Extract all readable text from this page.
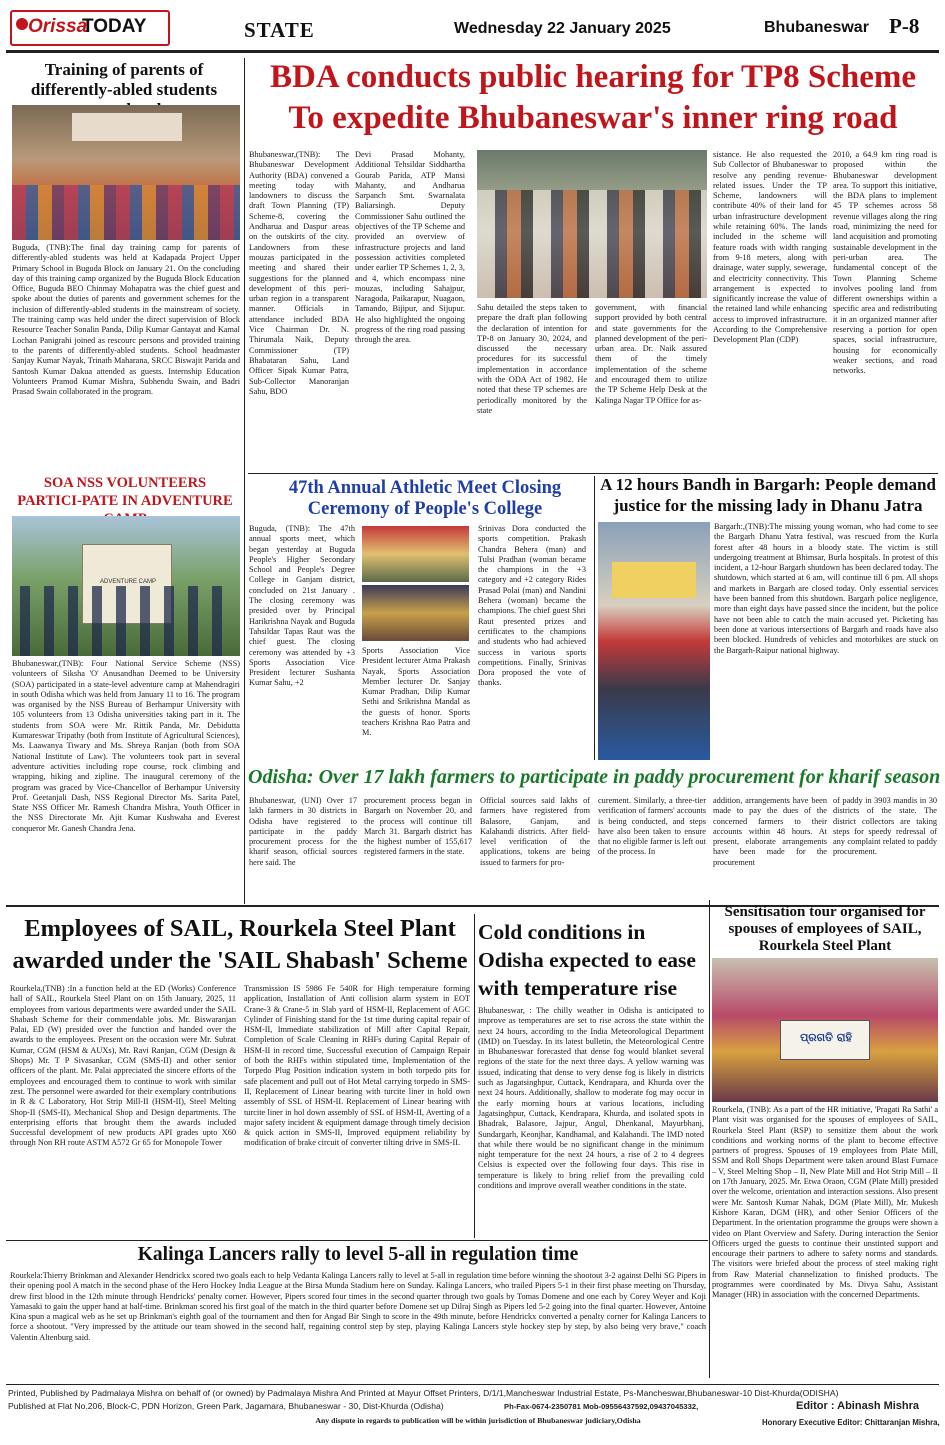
Orissa
TODAY	STATE	Wednesday 22 January 2025	Bhubaneswar P-8
Training of parents of differently-abled students
Buguda, (TNB):The final day training camp for parents of differently-abled students was held at Kadapada Project Upper Primary School in Buguda Block on January 21. On the concluding day of this training camp organized by the Buguda Block Education Office, Buguda BEO Chinmay Mohapatra was the chief guest and spoke about the duties of parents and government schemes for the inclusion of differently-abled students in the mainstream of society. The training camp was held under the direct supervision of Block Resource Teacher Sonalin Panda, Dilip Kumar Gantayat and Kamal Lochan Panigrahi joined as rescourc persons and provided training to the parents of differently-abled students. School headmaster Sanjay Kumar Nayak, Trinath Maharana, SRCC Biswajit Parida and Santosh Kumar Dakua attended as guests. Internship Education Volunteers Pramod Kumar Mishra, Subhendu Swain, and Badri Prasad Swain collaborated in the program.
SOA NSS VOLUNTEERS PARTICI-PATE IN ADVENTURE
ADVENTURE CAMP
Bhubaneswar,(TNB): Four National Service Scheme (NSS) volunteers of Siksha 'O' Anusandhan Deemed to be University (SOA) participated in a state-level adventure camp at Mahendragiri in south Odisha which was held from January 11 to 16. The program was organised by the NSS Bureau of Berhampur University with 105 volunteers from 13 Odisha universities taking part in it. The students from SOA were Mr. Rittik Panda, Mr. Debidutta Kumareswar Tripathy (both from Institute of Agricultural Sciences), Ms. Laawanya Tiwary and Ms. Shreya Ranjan (both from SOA National Institute of Law). The volunteers took part in several adventure activities including rope course, rock climbing and wrapping, hiking and zipline. The inaugural ceremony of the program was graced by Vice-Chancellor of Berhampur University Prof. Geetanjali Dash, NSS Regional Director Ms. Sarita Patel, State NSS Officer Mr. Ramesh Chandra Mishra, Youth Officer in the NSS Directorate Mr. Ajit Kumar Kushwaha and Everest conqueror Mr. Ganesh Chandra Jena.
BDA conducts public hearing for TP8 Scheme
To expedite Bhubaneswar's inner ring road
Bhubaneswar,(TNB): The Bhubaneswar Development Authority (BDA) convened a meeting today with landowners to discuss the draft Town Planning (TP) Scheme-8, covering the Andharua and Daspur areas on the outskirts of the city. Landowners from these mouzas participated in the meeting and shared their suggestions for the planned development of this peri-urban region in a transparent manner. Officials in attendance included BDA Vice Chairman Dr. N. Thirumala Naik, Deputy Commissioner (TP) Bhabataran Sahu, Land Officer Sipak Kumar Patra, Sub-Collector Manoranjan Sahu, BDO
Devi Prasad Mohanty, Additional Tehsildar Siddhartha Gourab Parida, ATP Mansi Mahanty, and Andharua Sarpanch Smt. Swarnalata Baliarsingh. Deputy Commissioner Sahu outlined the objectives of the TP Scheme and provided an overview of infrastructure projects and land possession activities completed under earlier TP Schemes 1, 2, 3, and 4, which encompass nine mouzas, including Sahajpur, Naragoda, Paikarapur, Nuagaon, Tamando, Bijipur, and Sijupur. He also highlighted the ongoing progress of the ring road passing through the area.
Sahu detailed the steps taken to prepare the draft plan following the declaration of intention for TP-8 on January 30, 2024, and discussed the necessary procedures for its successful implementation in accordance with the ODA Act of 1982. He noted that these TP schemes are periodically monitored by the state
government, with financial support provided by both central and state governments for the planned development of the peri-urban area. Dr. Naik assured them of the timely implementation of the scheme and encouraged them to utilize the TP Scheme Help Desk at the Kalinga Nagar TP Office for as-
sistance. He also requested the Sub Collector of Bhubaneswar to resolve any pending revenue-related issues. Under the TP Scheme, landowners will contribute 40% of their land for urban infrastructure development while retaining 60%. The lands included in the scheme will feature roads with width ranging from 9-18 meters, along with drainage, water supply, sewerage, and electricity connectivity. This arrangement is expected to significantly increase the value of the retained land while enhancing access to improved infrastructure. According to the Comprehensive Development Plan (CDP)
2010, a 64.9 km ring road is proposed within the Bhubaneswar development area. To support this initiative, the BDA plans to implement 45 TP schemes across 58 revenue villages along the ring road, minimizing the need for land acquisition and promoting sustainable development in the peri-urban area. The fundamental concept of the Town Planning Scheme involves pooling land from different ownerships within a specific area and redistributing it in an organized manner after reserving a portion for open spaces, social infrastructure, housing for economically weaker sections, and road networks.
47th Annual Athletic Meet Closing Ceremony of People's College
Buguda, (TNB): The 47th annual sports meet, which began yesterday at Buguda People's Higher Secondary School and People's Degree College in Ganjam district, concluded on 21st January . The closing ceremony was presided over by Principal Harikrishna Nayak and Buguda Tahsildar Tapas Raut was the chief guest. The closing ceremony was attended by +3 Sports Association Vice President lecturer Sushanta Kumar Sahu, +2
Sports Association Vice President lecturer Atma Prakash Nayak, Sports Association Member lecturer Dr. Sanjay Kumar Pradhan, Dilip Kumar Sethi and Srikrishna Mandal as the guests of honor. Sports teachers Krishna Rao Patra and M.
Srinivas Dora conducted the sports competition. Prakash Chandra Behera (man) and Tulsi Pradhan (woman became the champions in the +3 category and +2 category Rides Prasad Polai (man) and Nandini Behera (woman) became the champions. The chief guest Shri Raut presented prizes and certificates to the champions and students who had achieved success in various sports competitions. Finally, Srinivas Dora proposed the vote of thanks.
A 12 hours Bandh in Bargarh: People demand justice for the missing lady in Dhanu Jatra
Bargarh:,(TNB):The missing young woman, who had come to see the Bargarh Dhanu Yatra festival, was rescued from the Kurla forest after 48 hours in a bloody state. The victim is still undergoing treatment at Bhimsar, Burla hospitals. In protest of this incident, a 12-hour Bargarh shutdown has been declared today. The shutdown, which started at 6 am, will continue till 6 pm. All shops and markets in Bargarh are closed today. Only essential services have been banned from this shutdown. Bargarh police negligence, more than eight days have passed since the incident, but the police have not been able to catch the main accused yet. Picketing has been done at various intersections of Bargarh and roads have also been blocked. Hundreds of vehicles and motorbikes are stuck on the Bargarh-Raipur national highway.
Odisha: Over 17 lakh farmers to participate in paddy procurement for kharif season
Bhubaneswar, (UNI) Over 17 lakh farmers in 30 districts in Odisha have registered to participate in the paddy procurement process for the kharif season, official sources here said. The
procurement process began in Bargarh on November 20, and the process will continue till March 31. Bargarh district has the highest number of 155,617 registered farmers in the state.
Official sources said lakhs of farmers have registered from Balasore, Ganjam, and Kalahandi districts. After field-level verification of the applications, tokens are being issued to farmers for pro-
curement. Similarly, a three-tier verification of farmers' accounts is being conducted, and steps have also been taken to ensure that no eligible farmer is left out of the process. In
addition, arrangements have been made to pay the dues of the concerned farmers to their accounts within 48 hours. At present, elaborate arrangements have been made for the procurement
of paddy in 3903 mandis in 30 districts of the state. The district collectors are taking steps for speedy redressal of any complaint related to paddy procurement.
Employees of SAIL, Rourkela Steel Plant
awarded under the 'SAIL Shabash' Scheme
Rourkela,(TNB) :In a function held at the ED (Works) Conference hall of SAIL, Rourkela Steel Plant on on 15th January, 2025, 11 employees from various departments were awarded under the SAIL Shabash Scheme for their commendable jobs. Mr. Biswaranjan Palai, ED (W) presided over the function and handed over the awards to the employees. Present on the occasion were Mr. Subrat Kumar, CGM (HSM & AUXs), Mr. Ravi Ranjan, CGM (Design & Shops) Mr. T P Sivasankar, CGM (SMS-II) and other senior officers of the plant. Mr. Palai appreciated the sincere efforts of the employees and encouraged them to continue to work with similar zest. The personnel were awarded for their exemplary contributions in R & C Laboratory, Hot Strip Mill-II (HSM-II), Steel Melting Shop-II (SMS-II), Mechanical Shop and Design departments. The enterprising efforts that brought them the awards included Successful development of new products API grades upto X60 through Non RH route ASTM A572 Gr 65 for Monopole Tower
Transmission IS 5986 Fe 540R for High temperature forming application, Installation of Anti collision alarm system in EOT Crane-3 & Crane-5 in Slab yard of HSM-II, Replacement of AGC Cylinder of Finishing stand for the 1st time during capital repair of HSM-II, Immediate stabilization of Mill after Capital Repair, Completion of Scale Cleaning in RHFs during Capital Repair of HSM-II in record time, Successful execution of Campaign Repair of both the RHFs within stipulated time, Implementation of the Torpedo Plug Position indication system in both torpedo pits for safe placement and pull out of Hot Metal carrying torpedo in SMS-II, Replacement of Linear bearing with turcite liner in hold own assembly of SSL of HSM-II. Replacement of Linear bearing with turcite liner in hol down assembly of SSL of HSM-II, Averting of a major safety incident & equipment damage through timely decision & quick action in SMS-II, Improved equipment reliability by modification of brake circuit of converter tilting drive in SMS-II.
Cold conditions in Odisha expected to ease with temperature rise
Bhubaneswar, : The chilly weather in Odisha is anticipated to improve as temperatures are set to rise across the state within the next 24 hours, according to the India Meteorological Department (IMD) on Tuesday. In its latest bulletin, the Meteorological Centre in Bhubaneswar forecasted that dense fog would blanket several regions of the state for the next three days. A yellow warning was issued, indicating that dense to very dense fog is likely in districts such as Jagatsinghpur, Cuttack, Kendrapara, and Khurda over the next 24 hours. Additionally, shallow to moderate fog may occur in the early morning hours at various locations, including Jagatsinghpur, Cuttack, Kendrapara, Khurda, and isolated spots in Bhadrak, Balasore, Jajpur, Angul, Dhenkanal, Mayurbhanj, Sundargarh, Keonjhar, Kandhamal, and Kalahandi. The IMD noted that while there would be no significant change in the minimum night temperature for the next 24 hours, a rise of 2 to 4 degrees Celsius is expected over the following four days. This rise in temperature is likely to bring relief from the prevailing cold conditions and improve overall weather conditions in the state.
Sensitisation tour organised for spouses of employees of SAIL, Rourkela Steel Plant
ପ୍ରଗତି ରାହି
Rourkela, (TNB): As a part of the HR initiative, 'Pragati Ra Sathi' a Plant visit was organised for the spouses of employees of SAIL, Rourkela Steel Plant (RSP) to sensitize them about the work conditions and working norms of the plant to become effective partners of progress. Spouses of 19 employees from Plate Mill, SSM and Roll Shops Department were taken around Blast Furnace – V, Steel Melting Shop – II, New Plate Mill and Hot Strip Mill – II on 17th January, 2025. Mr. Etwa Oraon, CGM (Plate Mill) presided over the welcome, orientation and interaction sessions. Also present were Mr. Santosh Kumar Nahak, DGM (Plate Mill), Mr. Mukesh Kishore Karan, DGM (HR), and other Senior Officers of the Department. In the orientation programme the groups were shown a video on Plant Overview and Safety. During interaction the Senior Officers urged the guests to continue their unstinted support and encourage their partners to adhere to safety norms and standards. The visitors were briefed about the process of steel making right from Raw Material channelization to finished products. The programmes were coordinated by Ms. Divya Sahu, Assistant Manager (HR) in association with the concerned Departments.
Kalinga Lancers rally to level 5-all in regulation time
Rourkela:Thierry Brinkman and Alexander Hendrickx scored two goals each to help Vedanta Kalinga Lancers rally to level at 5-all in regulation time before winning the shootout 3-2 against Delhi SG Pipers in their opening pool A match in the second phase of the Hero Hockey India League at the Birsa Munda Stadium here on Sunday. Kalinga Lancers, who trailed Pipers 5-1 in their first phase meeting on Thursday, drew first blood in the 12th minute through Hendricks' penalty corner. However, Pipers scored four times in the second quarter through two goals by Tomas Domene and one each by Corey Weyer and Koji Yamasaki to gain the upper hand at half-time. Brinkman scored his first goal of the match in the third quarter before Domene set up Dilraj Singh as Pipers led 5-2 going into the final quarter. However, Antoine Kina spun a magical web as he set up Brinkman's eighth goal of the tournament and then for Angad Bir Singh to score in the 49th minute, before Hendrickx converted a penalty corner for Kalinga Lancers to force a shootout. "Very impressed by the attitude our team showed in the second half, regaining control step by step, playing Kalinga Lancers style hockey step by step, by also being very brave," coach Valentin Altenburg said.
Printed, Published by Padmalaya Mishra on behalf of (or owned) by Padmalaya Mishra And Printed at Mayur Offset Printers, D/1/1,Mancheswar Industrial Estate, Ps-Mancheswar,Bhubaneswar-10 Dist-Khurda(ODISHA)
Published at Flat No.206, Block-C, PDN Horizon, Green Park, Jagamara, Bhubaneswar - 30, Dist-Khurda (Odisha)	Ph-Fax-0674-2350781 Mob-09556437592,09437045332,	Editor : Abinash Mishra
Any dispute in regards to publication will be within jurisdiction of Bhubaneswar judiciary,Odisha	Honorary Executive Editor: Chittaranjan Mishra,
